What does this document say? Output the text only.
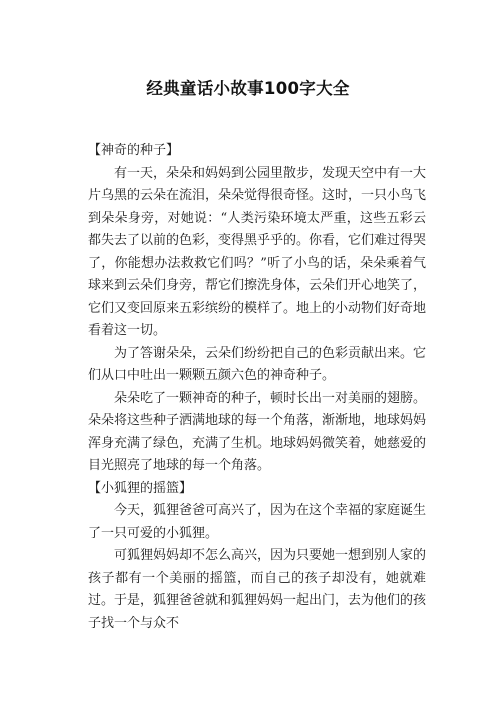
经典童话小故事100字大全

【神奇的种子】

有一天，朵朵和妈妈到公园里散步，发现天空中有一大片乌黑的云朵在流泪，朵朵觉得很奇怪。这时，一只小鸟飞到朵朵身旁，对她说：“人类污染环境太严重，这些五彩云都失去了以前的色彩，变得黑乎乎的。你看，它们难过得哭了，你能想办法救救它们吗？”听了小鸟的话，朵朵乘着气球来到云朵们身旁，帮它们擦洗身体，云朵们开心地笑了，它们又变回原来五彩缤纷的模样了。地上的小动物们好奇地看着这一切。

为了答谢朵朵，云朵们纷纷把自己的色彩贡献出来。它们从口中吐出一颗颗五颜六色的神奇种子。

朵朵吃了一颗神奇的种子，顿时长出一对美丽的翅膀。朵朵将这些种子洒满地球的每一个角落，渐渐地，地球妈妈浑身充满了绿色，充满了生机。地球妈妈微笑着，她慈爱的目光照亮了地球的每一个角落。

【小狐狸的摇篮】

今天，狐狸爸爸可高兴了，因为在这个幸福的家庭诞生了一只可爱的小狐狸。

可狐狸妈妈却不怎么高兴，因为只要她一想到别人家的孩子都有一个美丽的摇篮，而自己的孩子却没有，她就难过。于是，狐狸爸爸就和狐狸妈妈一起出门，去为他们的孩子找一个与众不
